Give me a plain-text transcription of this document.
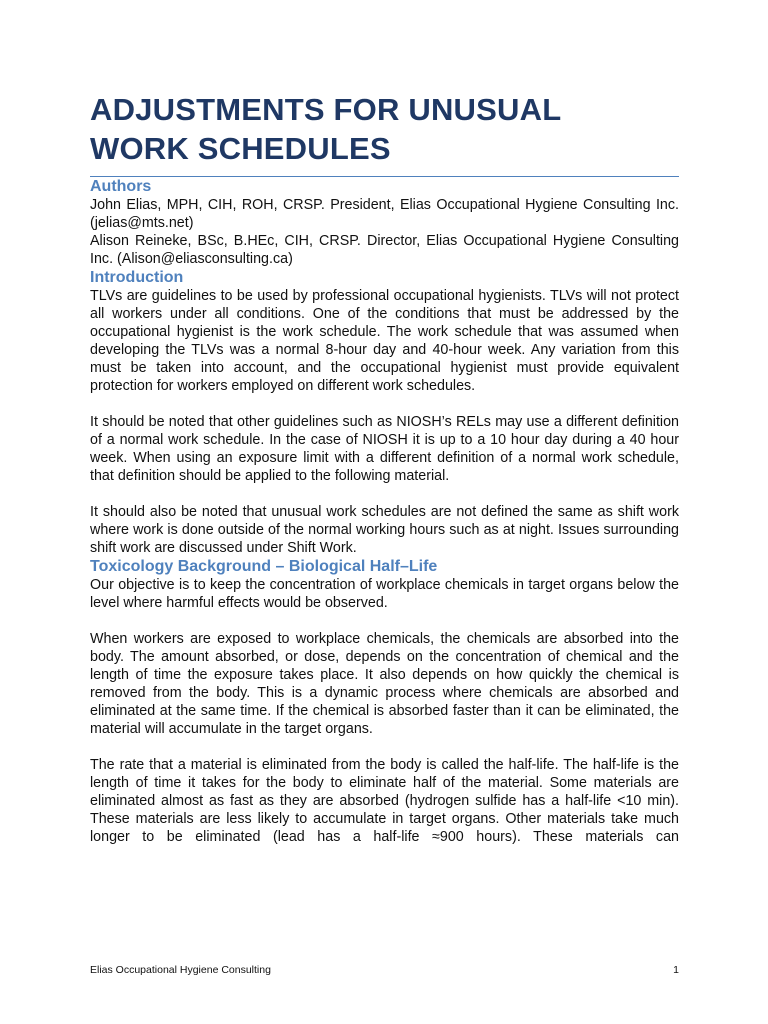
ADJUSTMENTS FOR UNUSUAL
WORK SCHEDULES
Authors

John Elias, MPH, CIH, ROH, CRSP. President, Elias Occupational Hygiene Consulting Inc. (jelias@mts.net)

Alison Reineke, BSc, B.HEc, CIH, CRSP. Director, Elias Occupational Hygiene Consulting Inc. (Alison@eliasconsulting.ca)

Introduction

TLVs are guidelines to be used by professional occupational hygienists. TLVs will not protect all workers under all conditions. One of the conditions that must be addressed by the occupational hygienist is the work schedule. The work schedule that was assumed when developing the TLVs was a normal 8-hour day and 40-hour week. Any variation from this must be taken into account, and the occupational hygienist must provide equivalent protection for workers employed on different work schedules.

It should be noted that other guidelines such as NIOSH’s RELs may use a different definition of a normal work schedule. In the case of NIOSH it is up to a 10 hour day during a 40 hour week. When using an exposure limit with a different definition of a normal work schedule, that definition should be applied to the following material.

It should also be noted that unusual work schedules are not defined the same as shift work where work is done outside of the normal working hours such as at night. Issues surrounding shift work are discussed under Shift Work.

Toxicology Background – Biological Half–Life

Our objective is to keep the concentration of workplace chemicals in target organs below the level where harmful effects would be observed.

When workers are exposed to workplace chemicals, the chemicals are absorbed into the body. The amount absorbed, or dose, depends on the concentration of chemical and the length of time the exposure takes place. It also depends on how quickly the chemical is removed from the body. This is a dynamic process where chemicals are absorbed and eliminated at the same time. If the chemical is absorbed faster than it can be eliminated, the material will accumulate in the target organs.

The rate that a material is eliminated from the body is called the half-life. The half-life is the length of time it takes for the body to eliminate half of the material. Some materials are eliminated almost as fast as they are absorbed (hydrogen sulfide has a half-life <10 min). These materials are less likely to accumulate in target organs. Other materials take much longer to be eliminated (lead has a half-life ≈900 hours). These materials can

Elias Occupational Hygiene Consulting	1
